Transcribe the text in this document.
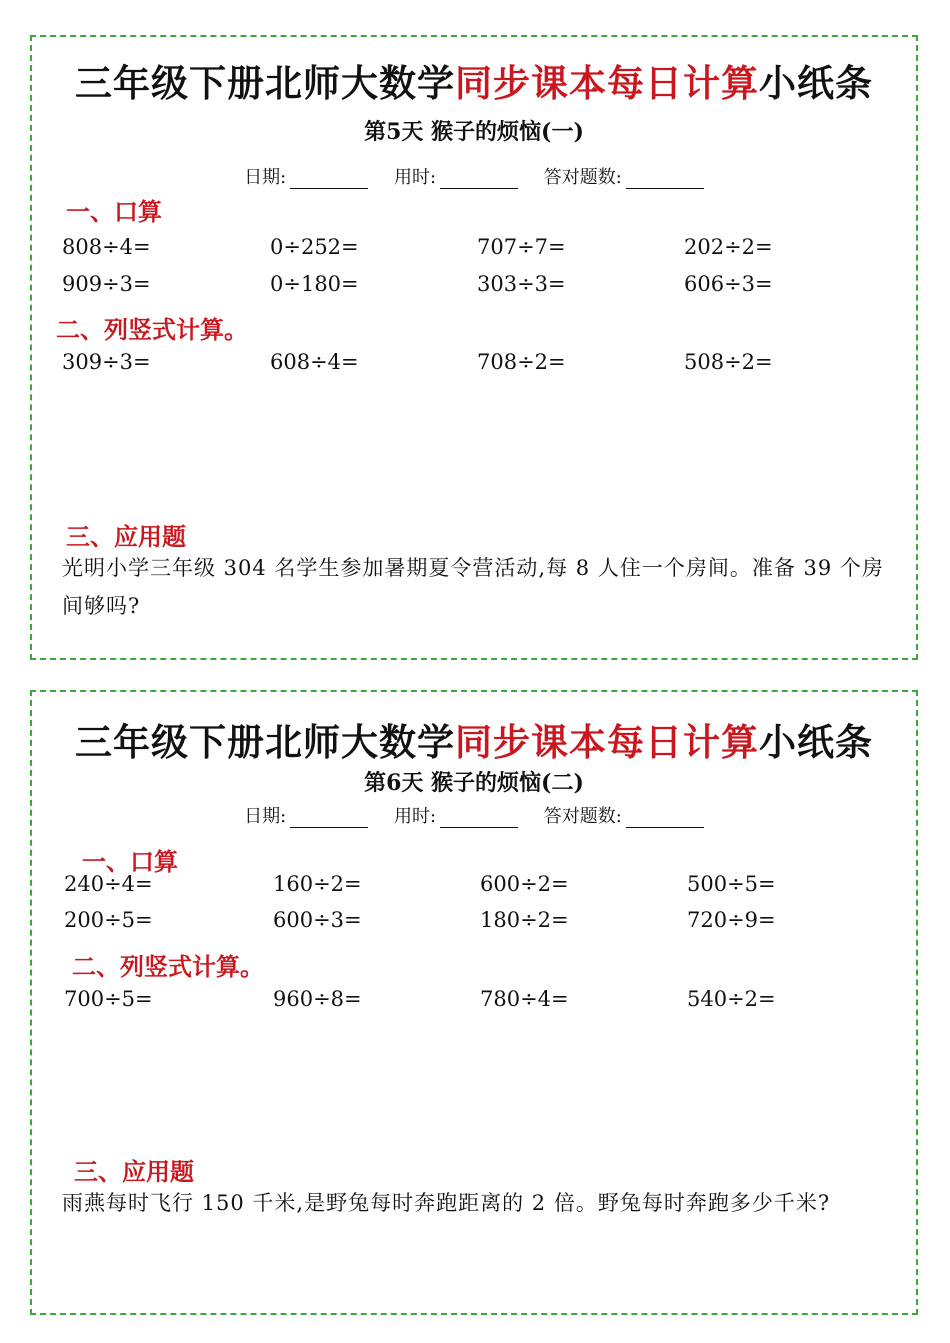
三年级下册北师大数学同步课本每日计算小纸条
第5天 猴子的烦恼(一)
日期:	用时:	答对题数:
一、口算
808÷4=	0÷252=	707÷7=	202÷2=
909÷3=	0÷180=	303÷3=	606÷3=
二、列竖式计算。
309÷3=	608÷4=	708÷2=	508÷2=
三、应用题
光明小学三年级 304 名学生参加暑期夏令营活动,每 8 人住一个房间。准备 39 个房间够吗?
三年级下册北师大数学同步课本每日计算小纸条
第6天 猴子的烦恼(二)
日期:	用时:	答对题数:
一、口算
240÷4=	160÷2=	600÷2=	500÷5=
200÷5=	600÷3=	180÷2=	720÷9=
二、列竖式计算。
700÷5=	960÷8=	780÷4=	540÷2=
三、应用题
雨燕每时飞行 150 千米,是野兔每时奔跑距离的 2 倍。野兔每时奔跑多少千米?
